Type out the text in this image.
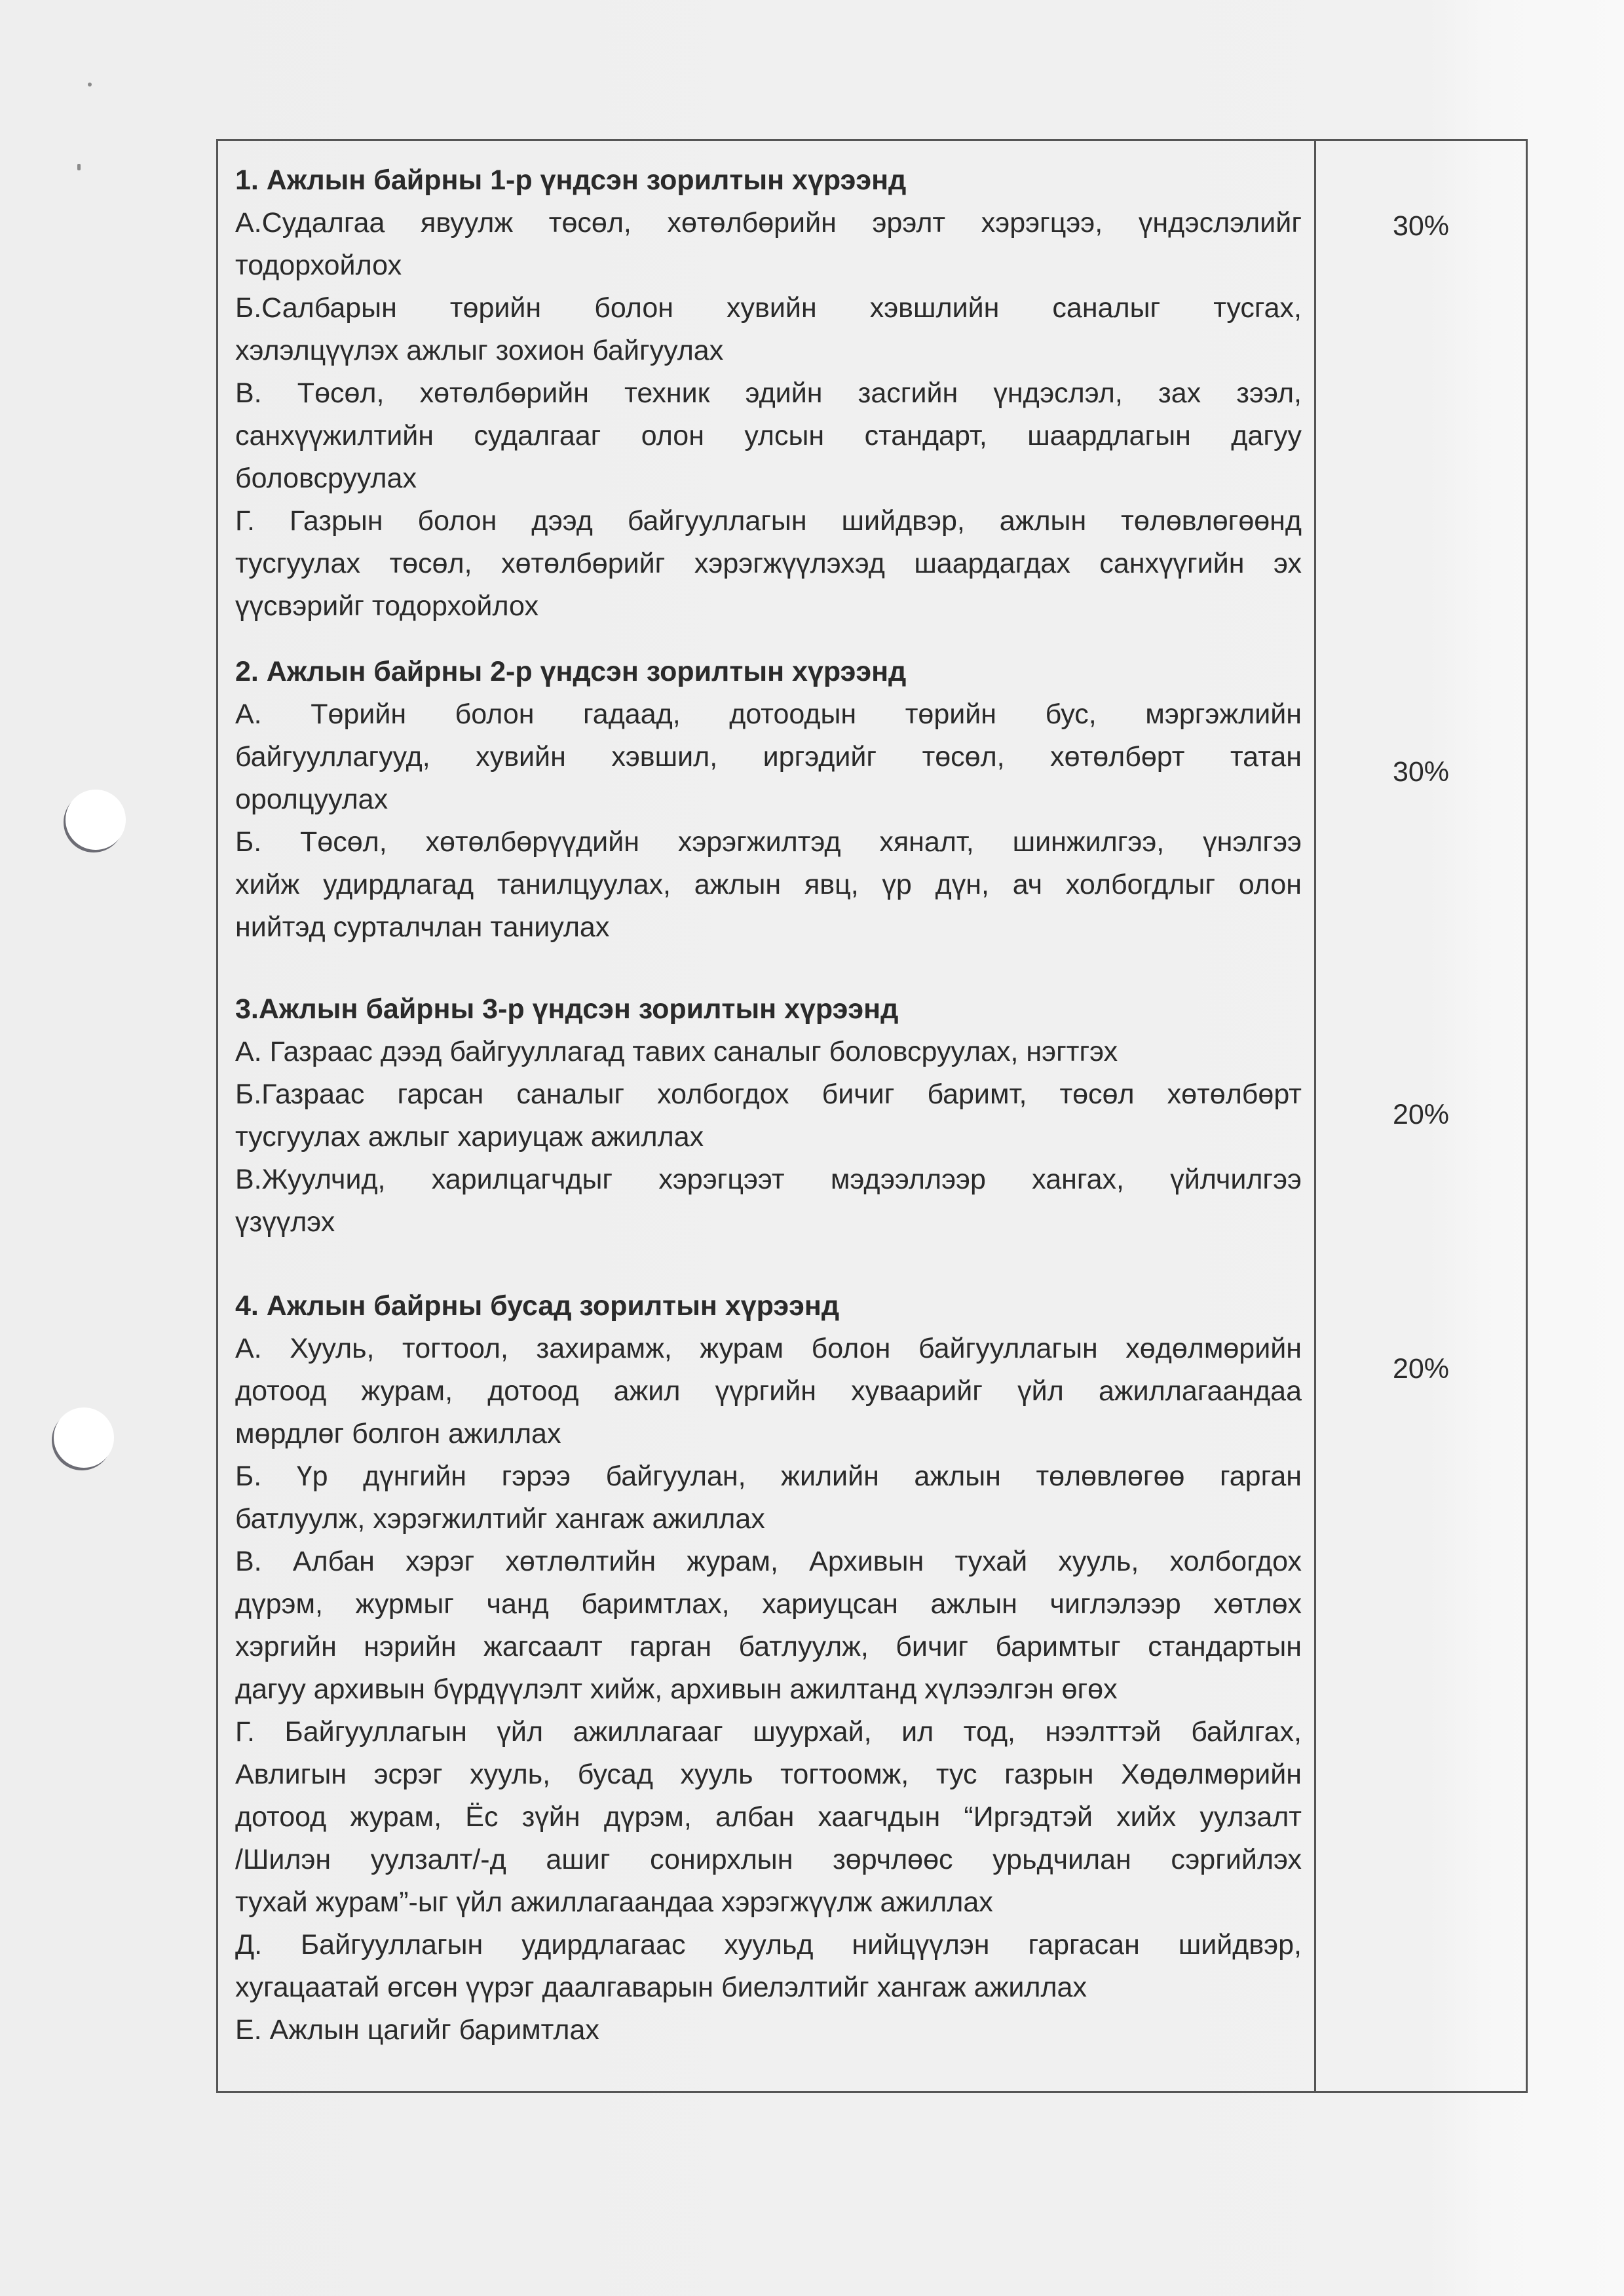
1. Ажлын байрны 1-р үндсэн зорилтын хүрээнд
А.Судалгаа явуулж төсөл, хөтөлбөрийн эрэлт хэрэгцээ, үндэслэлийг
тодорхойлох
Б.Салбарын төрийн болон хувийн хэвшлийн саналыг тусгах,
хэлэлцүүлэх ажлыг зохион байгуулах
В. Төсөл, хөтөлбөрийн техник эдийн засгийн үндэслэл, зах зээл,
санхүүжилтийн судалгааг олон улсын стандарт, шаардлагын дагуу
боловсруулах
Г. Газрын болон дээд байгууллагын шийдвэр, ажлын төлөвлөгөөнд
тусгуулах төсөл, хөтөлбөрийг хэрэгжүүлэхэд шаардагдах санхүүгийн эх
үүсвэрийг тодорхойлох
2. Ажлын байрны 2-р үндсэн зорилтын хүрээнд
А. Төрийн болон гадаад, дотоодын төрийн бус, мэргэжлийн
байгууллагууд, хувийн хэвшил, иргэдийг төсөл, хөтөлбөрт татан
оролцуулах
Б. Төсөл, хөтөлбөрүүдийн хэрэгжилтэд хяналт, шинжилгээ, үнэлгээ
хийж удирдлагад танилцуулах, ажлын явц, үр дүн, ач холбогдлыг олон
нийтэд сурталчлан таниулах
3.Ажлын байрны 3-р үндсэн зорилтын хүрээнд
А. Газраас дээд байгууллагад тавих саналыг боловсруулах, нэгтгэх
Б.Газраас гарсан саналыг холбогдох бичиг баримт, төсөл хөтөлбөрт
тусгуулах ажлыг хариуцаж ажиллах
В.Жуулчид, харилцагчдыг хэрэгцээт мэдээллээр хангах, үйлчилгээ
үзүүлэх
4. Ажлын байрны бусад зорилтын хүрээнд
А. Хууль, тогтоол, захирамж, журам болон байгууллагын хөдөлмөрийн
дотоод журам, дотоод ажил үүргийн хуваарийг үйл ажиллагаандаа
мөрдлөг болгон ажиллах
Б. Үр дүнгийн гэрээ байгуулан, жилийн ажлын төлөвлөгөө гарган
батлуулж, хэрэгжилтийг хангаж ажиллах
В. Албан хэрэг хөтлөлтийн журам, Архивын тухай хууль, холбогдох
дүрэм, журмыг чанд баримтлах, хариуцсан ажлын чиглэлээр хөтлөх
хэргийн нэрийн жагсаалт гарган батлуулж, бичиг баримтыг стандартын
дагуу архивын бүрдүүлэлт хийж, архивын ажилтанд хүлээлгэн өгөх
Г. Байгууллагын үйл ажиллагааг шуурхай, ил тод, нээлттэй байлгах,
Авлигын эсрэг хууль, бусад хууль тогтоомж, тус газрын Хөдөлмөрийн
дотоод журам, Ёс зүйн дүрэм, албан хаагчдын “Иргэдтэй хийх уулзалт
/Шилэн уулзалт/-д ашиг сонирхлын зөрчлөөс урьдчилан сэргийлэх
тухай журам”-ыг үйл ажиллагаандаа хэрэгжүүлж ажиллах
Д. Байгууллагын удирдлагаас хуульд нийцүүлэн гаргасан шийдвэр,
хугацаатай өгсөн үүрэг даалгаварын биелэлтийг хангаж ажиллах
Е. Ажлын цагийг баримтлах
30%
30%
20%
20%
